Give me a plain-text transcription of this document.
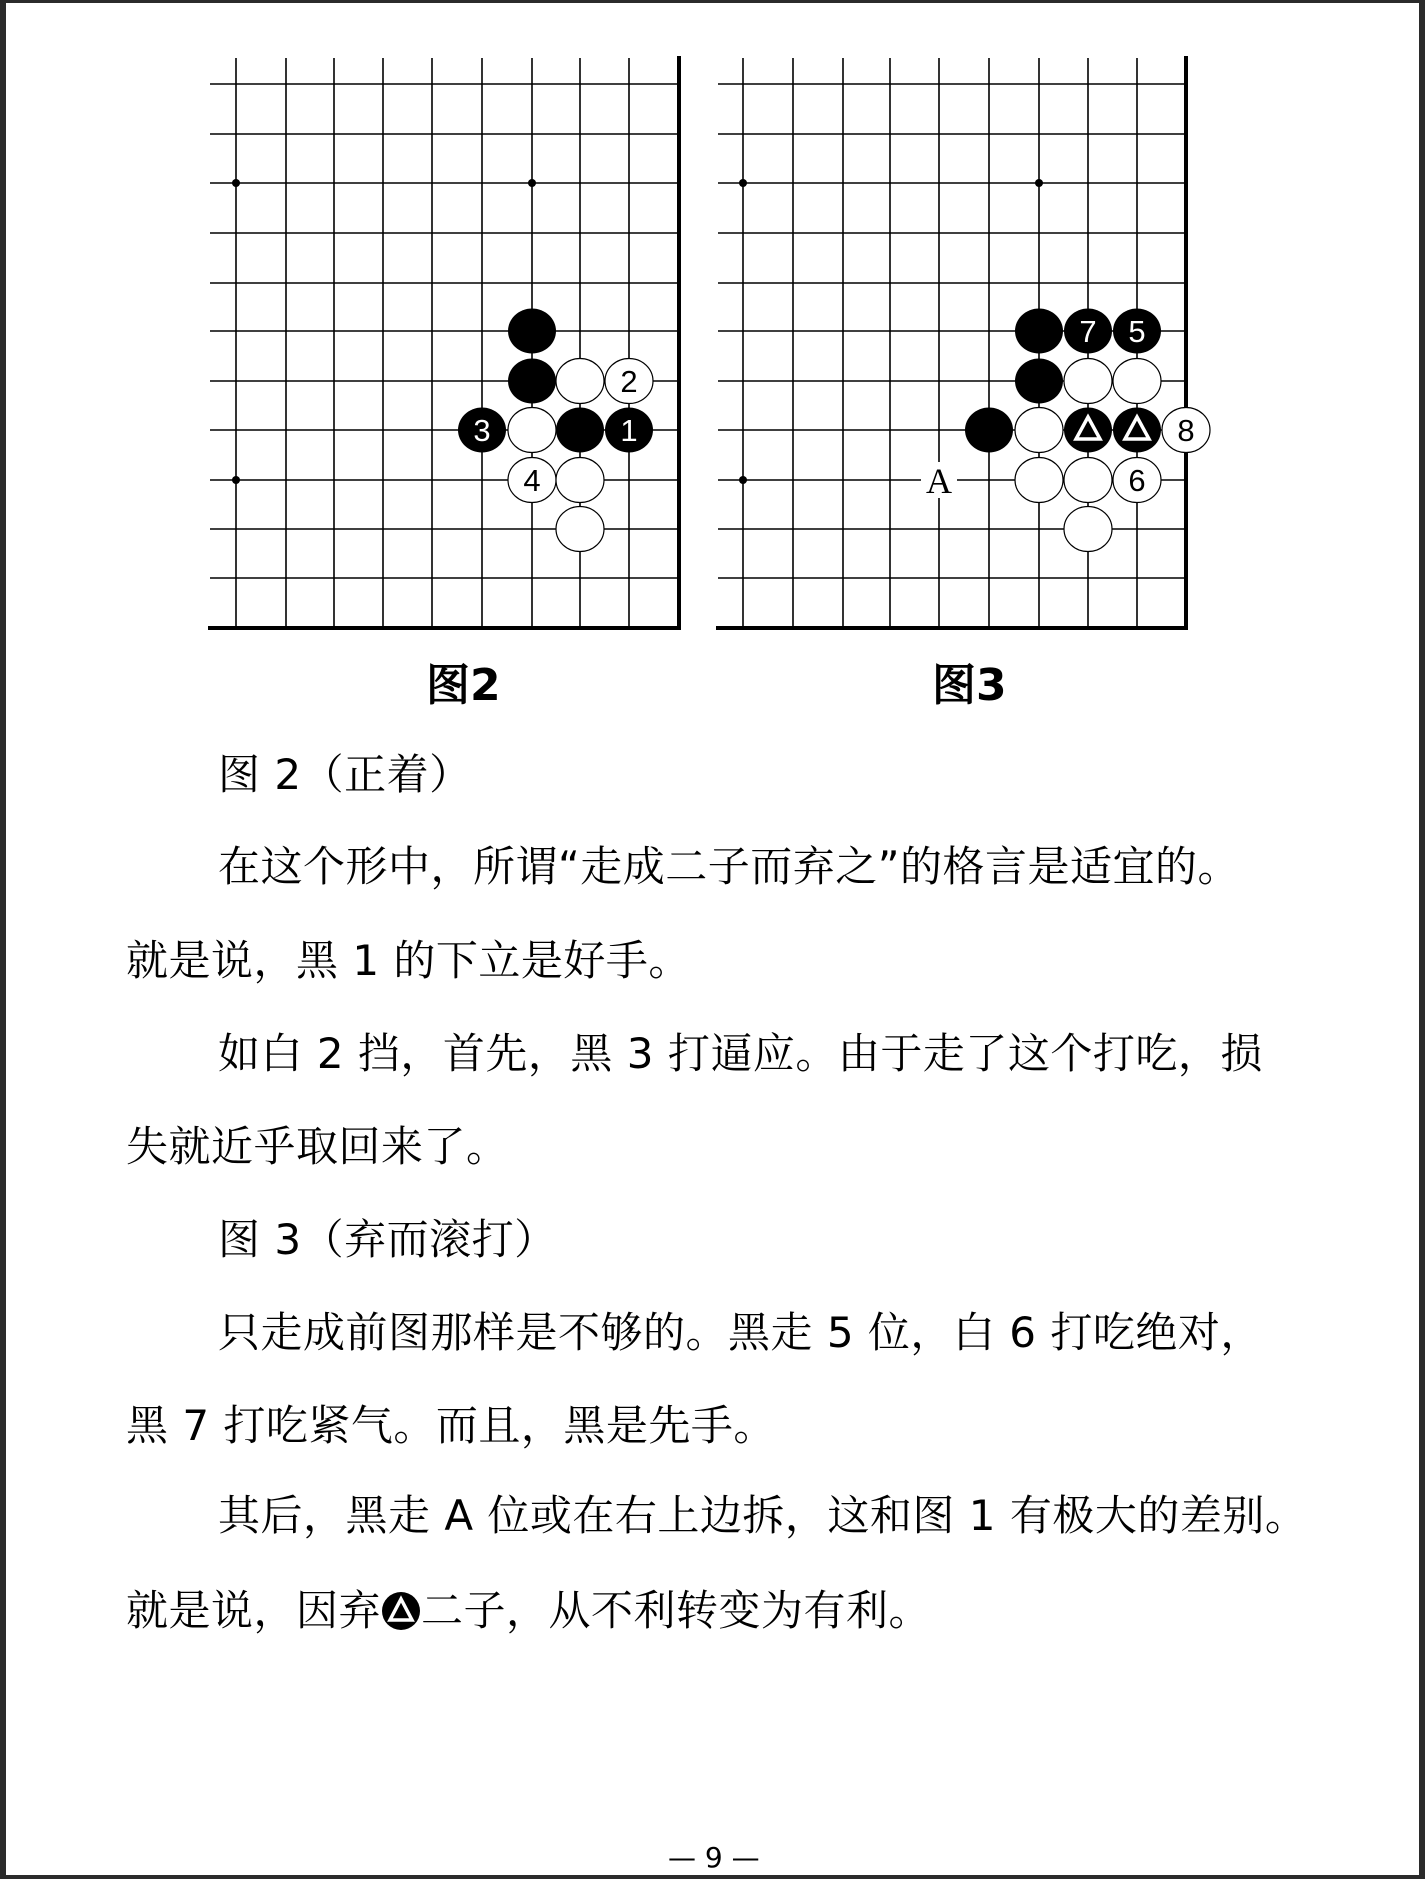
2
3	1
4	A
7 5
8
6
图2	图3
图 2（正着）
在这个形中，所谓“走成二子而弃之”的格言是适宜的。
就是说，黑 1 的下立是好手。
如白 2 挡，首先，黑 3 打逼应。由于走了这个打吃，损
失就近乎取回来了。
图 3（弃而滚打）
只走成前图那样是不够的。黑走 5 位，白 6 打吃绝对，
黑 7 打吃紧气。而且，黑是先手。
其后，黑走 A 位或在右上边拆，这和图 1 有极大的差别。
就是说，因弃 二子，从不利转变为有利。
— 9 —
